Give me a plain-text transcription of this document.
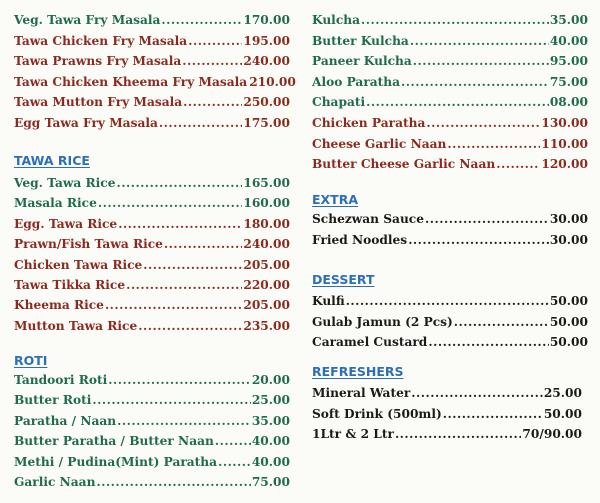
TAWA RICE
ROTI
Veg. Tawa Fry Masala .....	170.00
Tawa Chicken Fry Masala .....	195.00
Tawa Prawns Fry Masala .....	240.00
Tawa Chicken Kheema Fry Masala 210.00
Tawa Mutton Fry Masala .....	250.00
Egg Tawa Fry Masala .....	175.00
Veg. Tawa Rice .....	165.00
Masala Rice .....	160.00
Egg. Tawa Rice .....	180.00
Prawn/Fish Tawa Rice .....	240.00
Chicken Tawa Rice .....	205.00
Tawa Tikka Rice .....	220.00
Kheema Rice .....	205.00
Mutton Tawa Rice .....	235.00
Tandoori Roti .....	20.00
Butter Roti .....	25.00
Paratha / Naan .....	35.00
Butter Paratha / Butter Naan .....	40.00
Methi / Pudina(Mint) Paratha .....	40.00
Garlic Naan .....	75.00
EXTRA
DESSERT
REFRESHERS
Kulcha .....	35.00
Butter Kulcha .....	40.00
Paneer Kulcha .....	95.00
Aloo Paratha .....	75.00
Chapati .....	08.00
Chicken Paratha .....	130.00
Cheese Garlic Naan .....	110.00
Butter Cheese Garlic Naan .....	120.00
Schezwan Sauce .....	30.00
Fried Noodles .....	30.00
Kulfi .....	50.00
Gulab Jamun (2 Pcs) .....	50.00
Caramel Custard .....	50.00
Mineral Water .....	25.00
Soft Drink (500ml) .....	50.00
1Ltr & 2 Ltr .....	70/90.00
